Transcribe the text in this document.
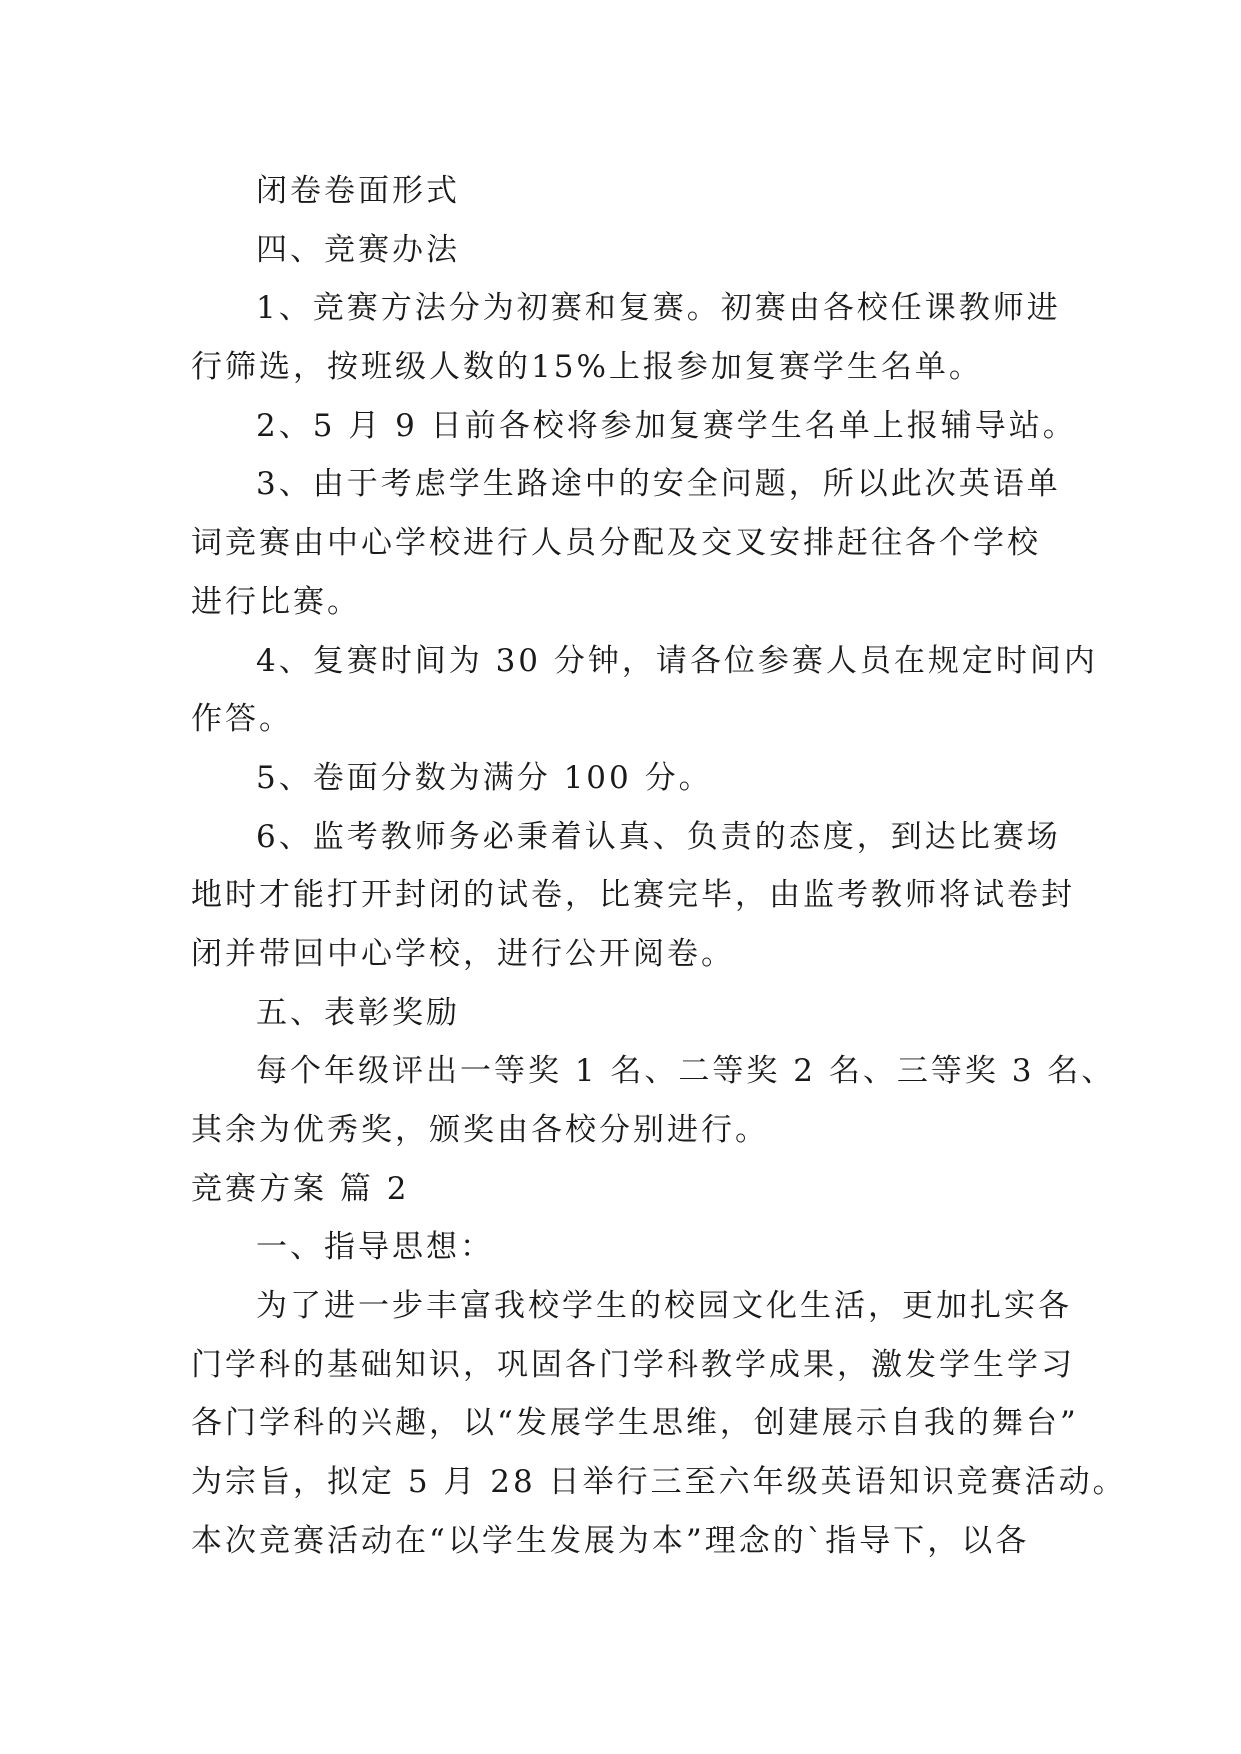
闭卷卷面形式
四、竞赛办法
1、竞赛方法分为初赛和复赛。初赛由各校任课教师进
行筛选，按班级人数的15%上报参加复赛学生名单。
2、5 月 9 日前各校将参加复赛学生名单上报辅导站。
3、由于考虑学生路途中的安全问题，所以此次英语单
词竞赛由中心学校进行人员分配及交叉安排赶往各个学校
进行比赛。
4、复赛时间为 30 分钟，请各位参赛人员在规定时间内
作答。
5、卷面分数为满分 100 分。
6、监考教师务必秉着认真、负责的态度，到达比赛场
地时才能打开封闭的试卷，比赛完毕，由监考教师将试卷封
闭并带回中心学校，进行公开阅卷。
五、表彰奖励
每个年级评出一等奖 1 名、二等奖 2 名、三等奖 3 名、
其余为优秀奖，颁奖由各校分别进行。
竞赛方案 篇 2
一、指导思想：
为了进一步丰富我校学生的校园文化生活，更加扎实各
门学科的基础知识，巩固各门学科教学成果，激发学生学习
各门学科的兴趣，以“发展学生思维，创建展示自我的舞台”
为宗旨，拟定 5 月 28 日举行三至六年级英语知识竞赛活动。
本次竞赛活动在“以学生发展为本”理念的`指导下，以各
